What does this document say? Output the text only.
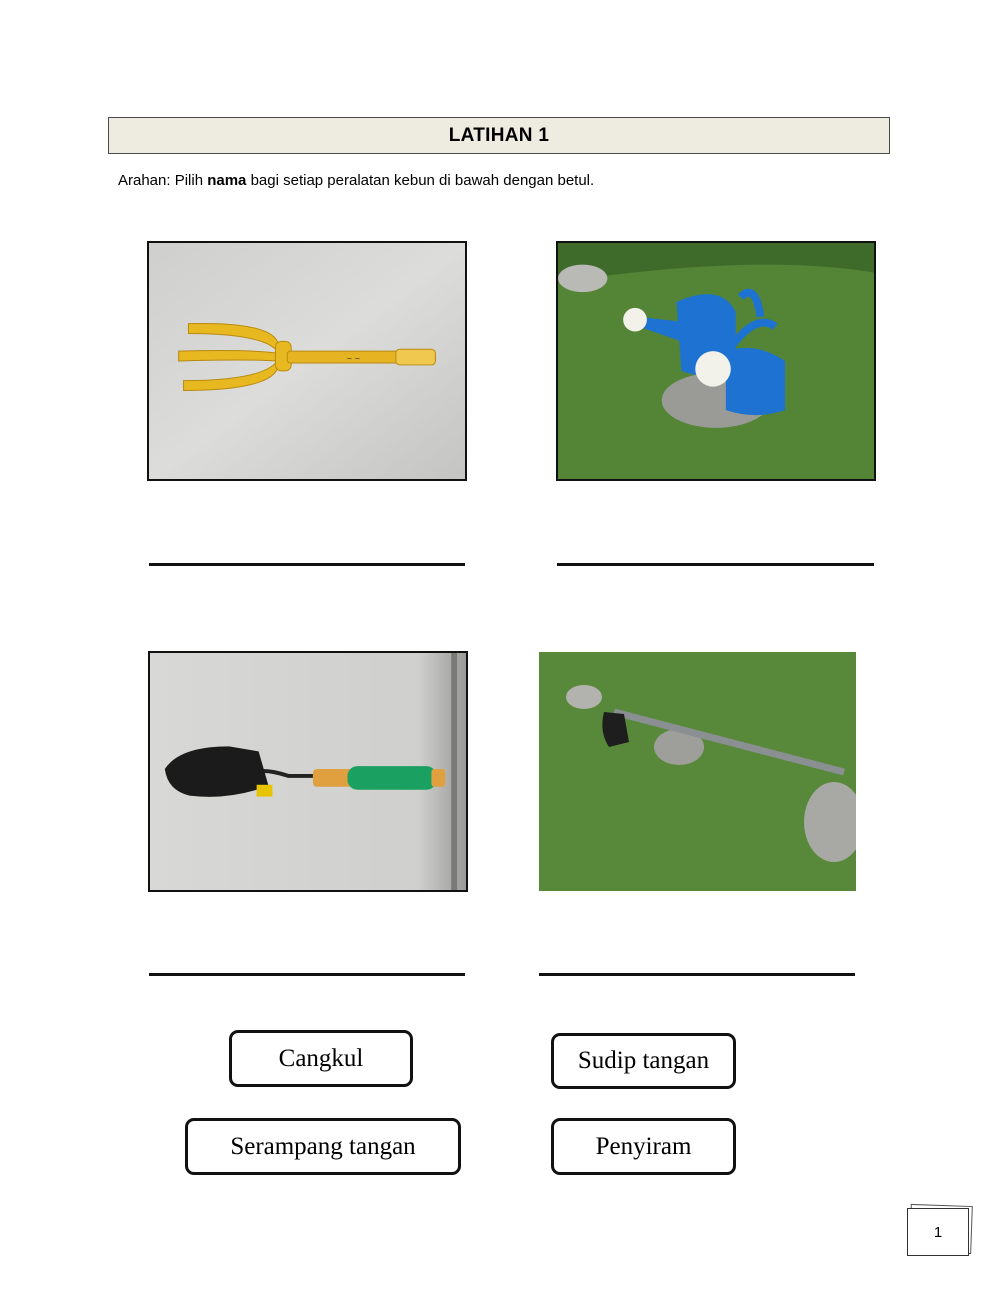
LATIHAN 1
Arahan: Pilih nama bagi setiap peralatan kebun di bawah dengan betul.
~ ~
Cangkul	Sudip tangan
Serampang tangan	Penyiram
1
